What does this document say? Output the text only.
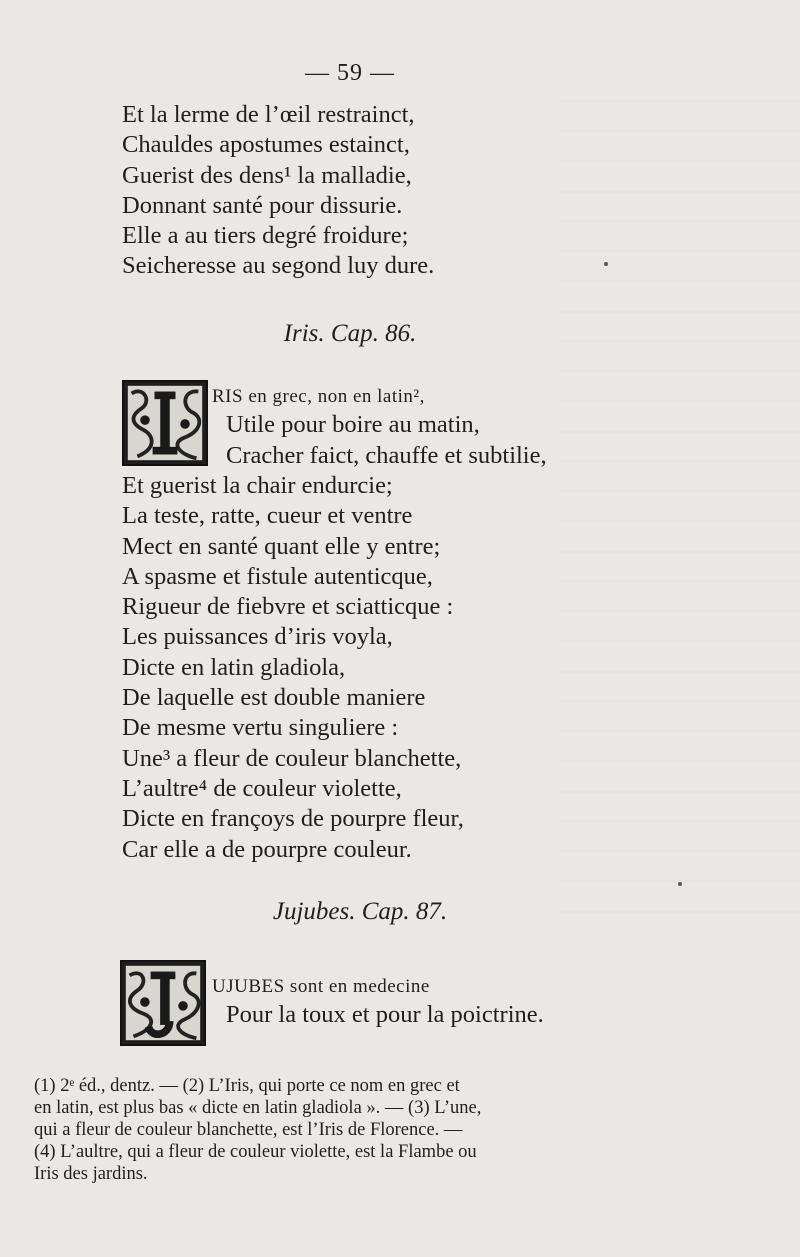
— 59 —
Et la lerme de l’œil restrainct,
Chauldes apostumes estainct,
Guerist des dens¹ la malladie,
Donnant santé pour dissurie.
Elle a au tiers degré froidure;
Seicheresse au segond luy dure.
Iris. Cap. 86.
RIS en grec, non en latin²,
Utile pour boire au matin,
Cracher faict, chauffe et subtilie,
Et guerist la chair endurcie;
La teste, ratte, cueur et ventre
Mect en santé quant elle y entre;
A spasme et fistule autenticque,
Rigueur de fiebvre et sciatticque :
Les puissances d’iris voyla,
Dicte en latin gladiola,
De laquelle est double maniere
De mesme vertu singuliere :
Une³ a fleur de couleur blanchette,
L’aultre⁴ de couleur violette,
Dicte en françoys de pourpre fleur,
Car elle a de pourpre couleur.
Jujubes. Cap. 87.
UJUBES sont en medecine
Pour la toux et pour la poictrine.
(1) 2ᵉ éd., dentz. — (2) L’Iris, qui porte ce nom en grec et
en latin, est plus bas « dicte en latin gladiola ». — (3) L’une,
qui a fleur de couleur blanchette, est l’Iris de Florence. —
(4) L’aultre, qui a fleur de couleur violette, est la Flambe ou
Iris des jardins.
